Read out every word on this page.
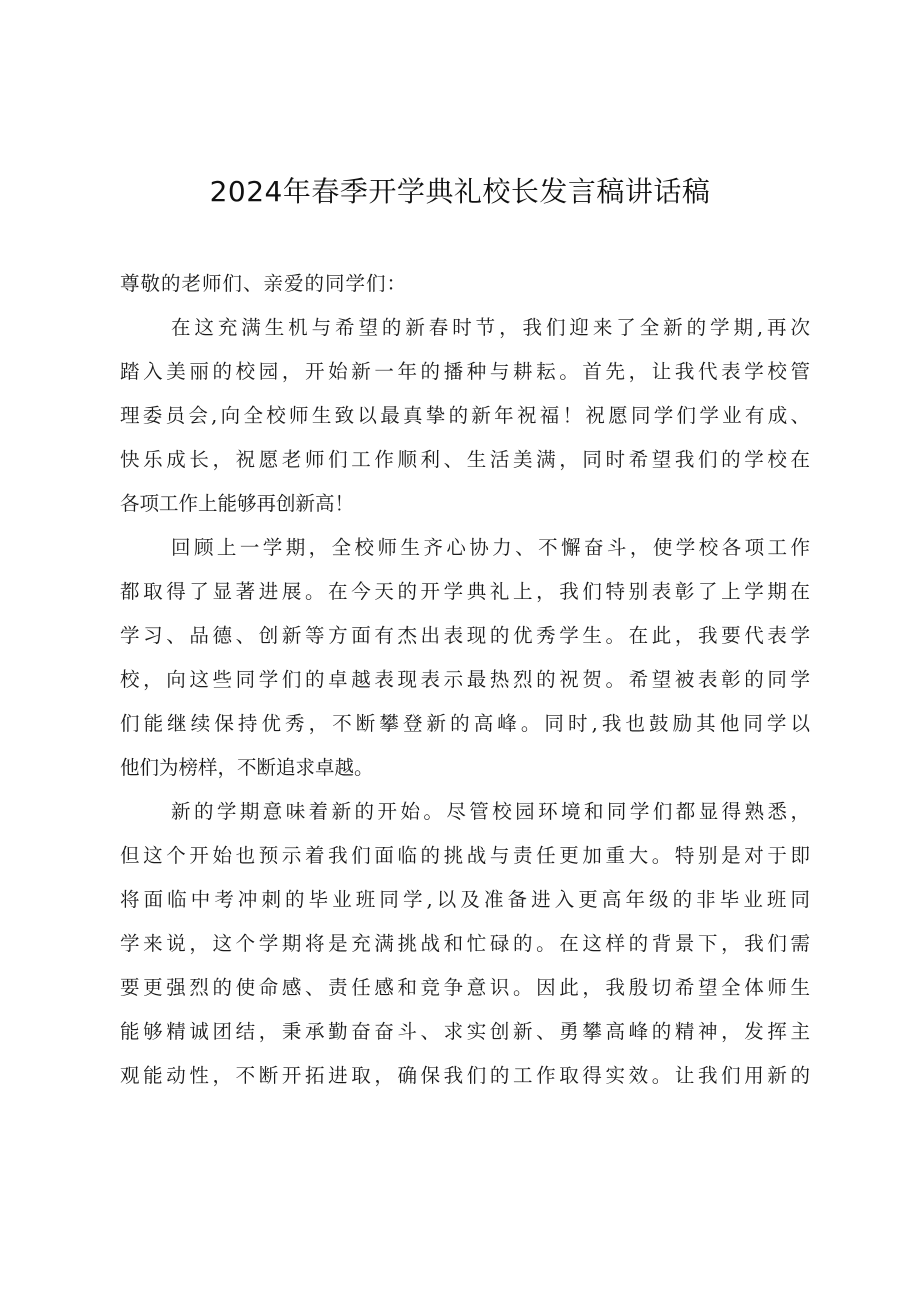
2024年春季开学典礼校长发言稿讲话稿

尊敬的老师们、亲爱的同学们：

在这充满生机与希望的新春时节，我们迎来了全新的学期,再次
踏入美丽的校园，开始新一年的播种与耕耘。首先，让我代表学校管
理委员会,向全校师生致以最真挚的新年祝福！祝愿同学们学业有成、
快乐成长，祝愿老师们工作顺利、生活美满，同时希望我们的学校在
各项工作上能够再创新高！
回顾上一学期，全校师生齐心协力、不懈奋斗，使学校各项工作
都取得了显著进展。在今天的开学典礼上，我们特别表彰了上学期在
学习、品德、创新等方面有杰出表现的优秀学生。在此，我要代表学
校，向这些同学们的卓越表现表示最热烈的祝贺。希望被表彰的同学
们能继续保持优秀，不断攀登新的高峰。同时,我也鼓励其他同学以
他们为榜样，不断追求卓越。
新的学期意味着新的开始。尽管校园环境和同学们都显得熟悉，
但这个开始也预示着我们面临的挑战与责任更加重大。特别是对于即
将面临中考冲刺的毕业班同学,以及准备进入更高年级的非毕业班同
学来说，这个学期将是充满挑战和忙碌的。在这样的背景下，我们需
要更强烈的使命感、责任感和竞争意识。因此，我殷切希望全体师生
能够精诚团结，秉承勤奋奋斗、求实创新、勇攀高峰的精神，发挥主
观能动性，不断开拓进取，确保我们的工作取得实效。让我们用新的
